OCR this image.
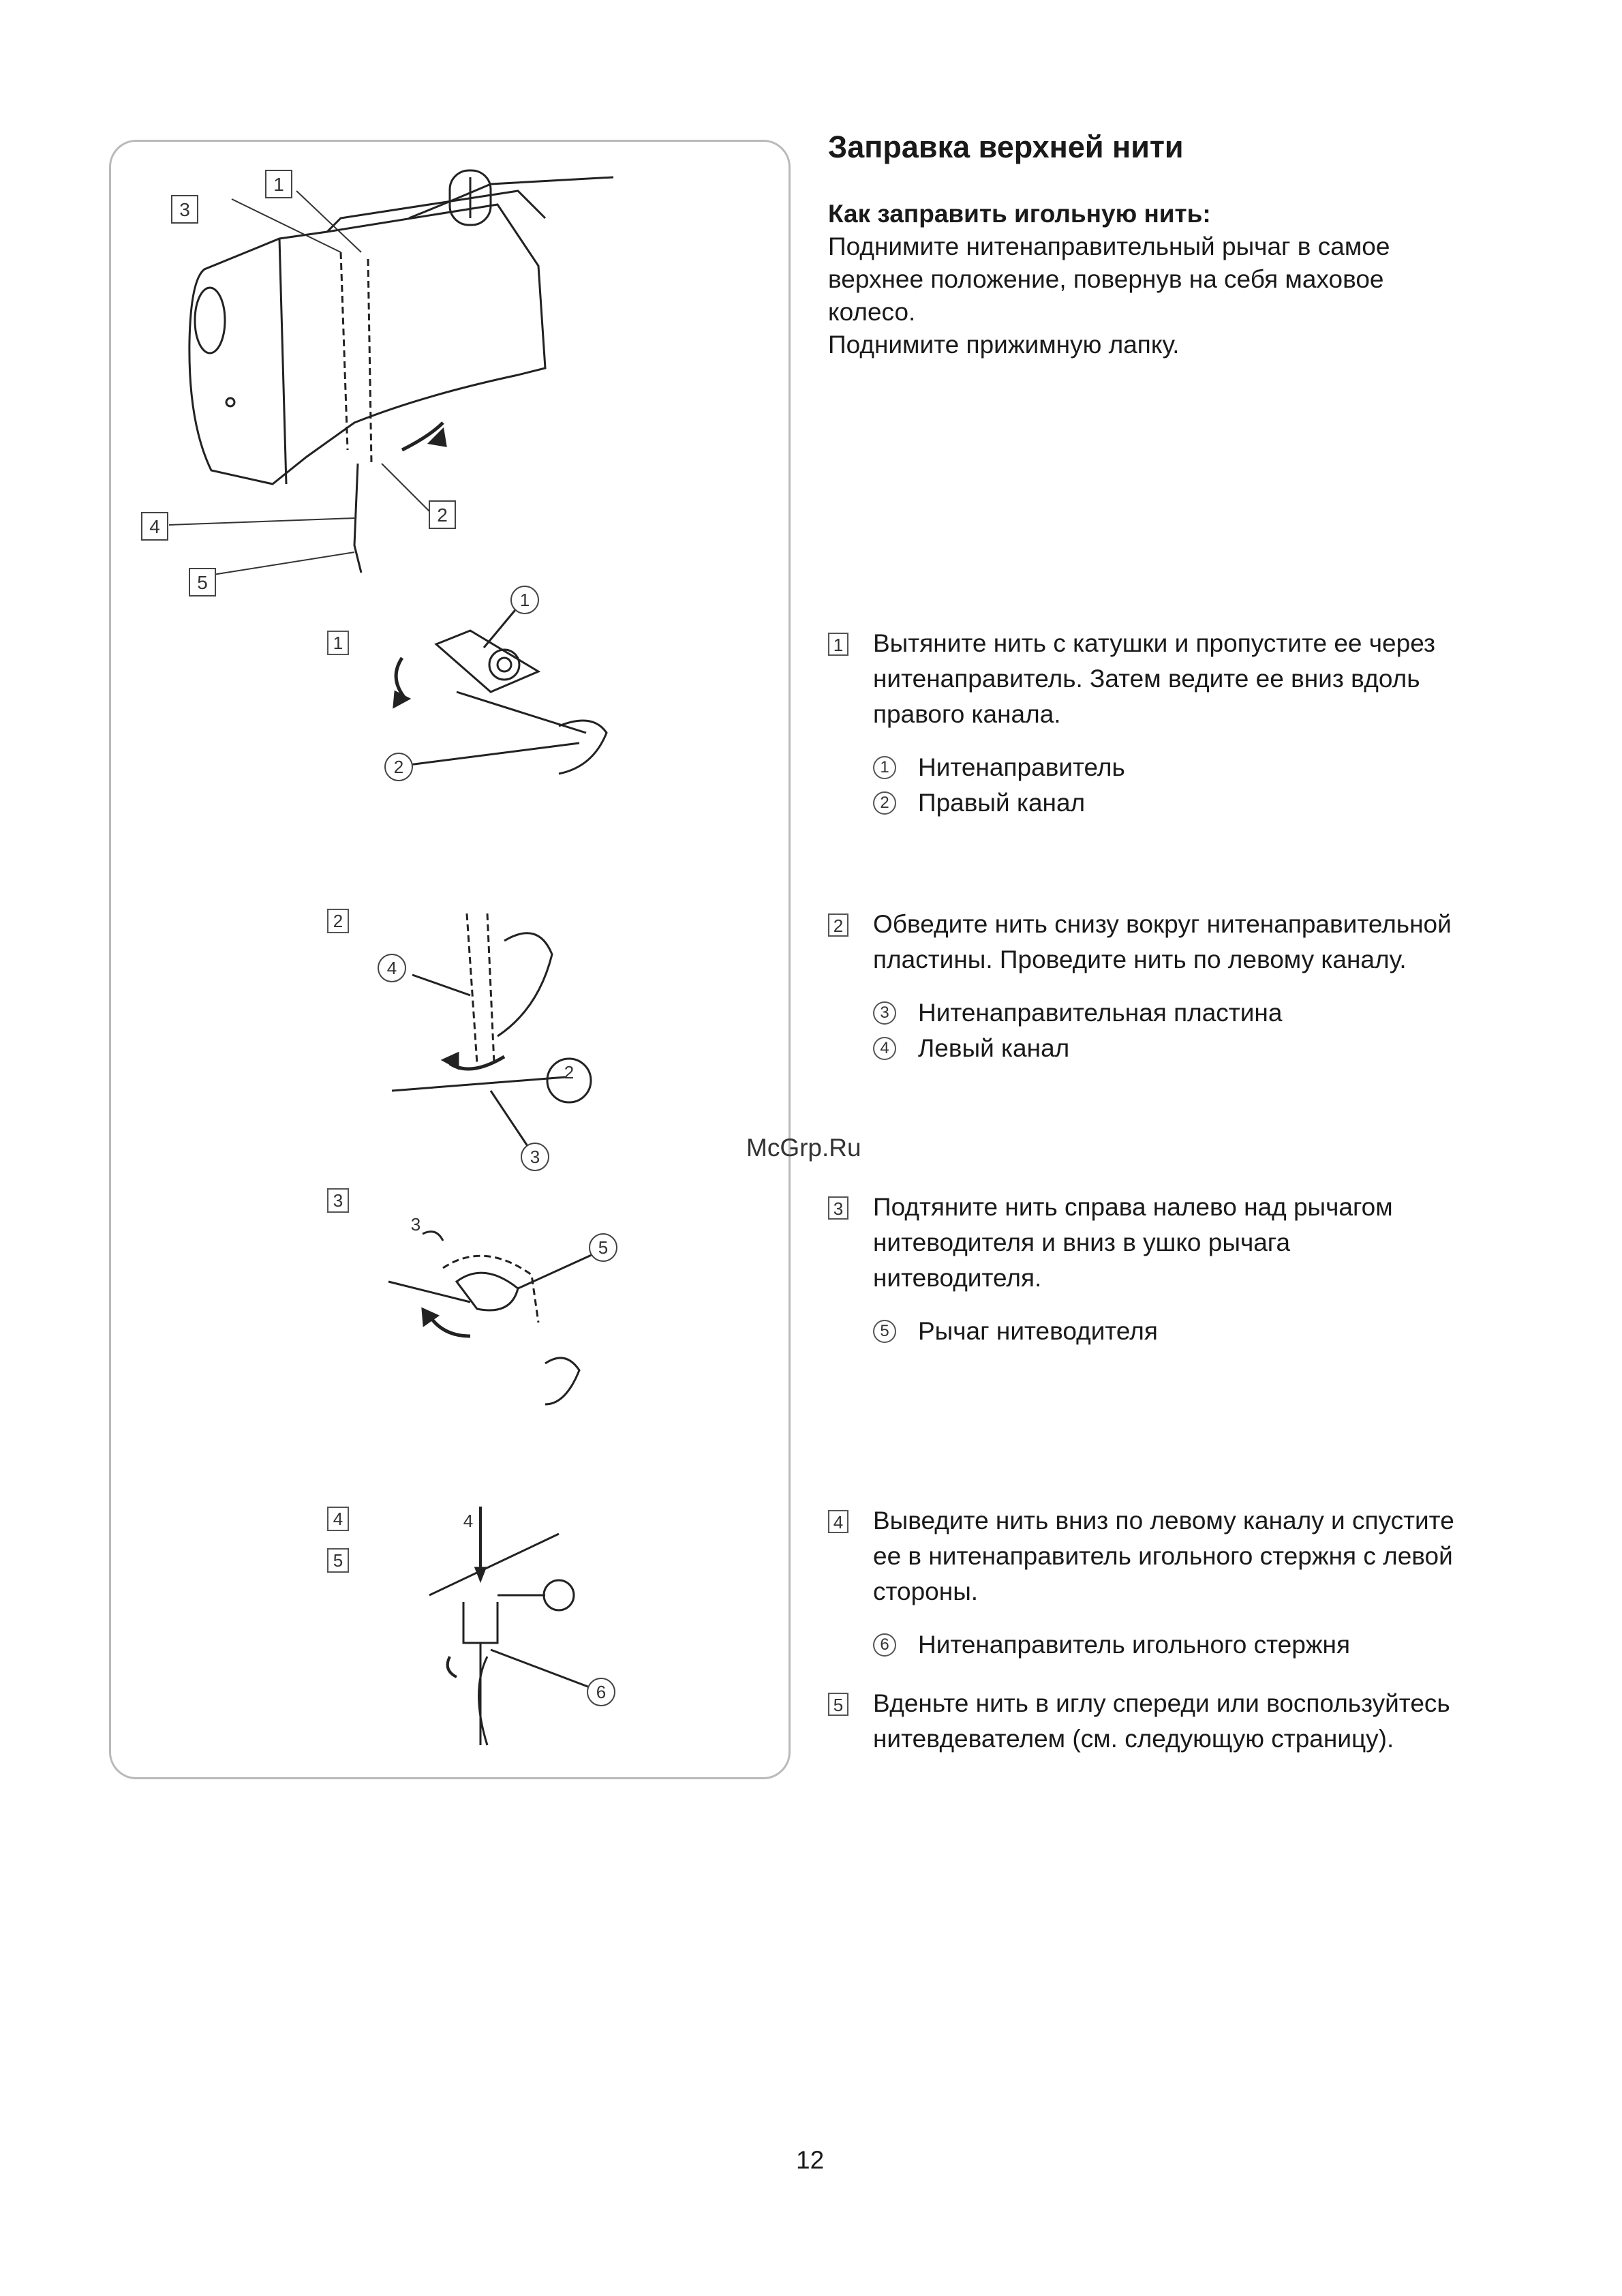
1
3
2
4
5
1
2
1
2
4
3
2
3
5
3
4
6
4
5
Заправка верхней нити
Как заправить игольную нить:
Поднимите нитенаправительный рычаг в самое
верхнее положение, повернув на себя маховое
колесо.
Поднимите прижимную лапку.
1 Вытяните нить с катушки и пропустите ее через
нитенаправитель. Затем ведите ее вниз вдоль
правого канала.
1 Нитенаправитель
2 Правый канал
2 Обведите нить снизу вокруг нитенаправительной
пластины. Проведите нить по левому каналу.
3 Нитенаправительная пластина
4 Левый канал
McGrp.Ru
3 Подтяните нить справа налево над рычагом
нитеводителя и вниз в ушко рычага
нитеводителя.
5 Рычаг нитеводителя
4 Выведите нить вниз по левому каналу и спустите
ее в нитенаправитель игольного стержня с левой
стороны.
6 Нитенаправитель игольного стержня
5 Вденьте нить в иглу спереди или воспользуйтесь
нитевдевателем (см. следующую страницу).
12
